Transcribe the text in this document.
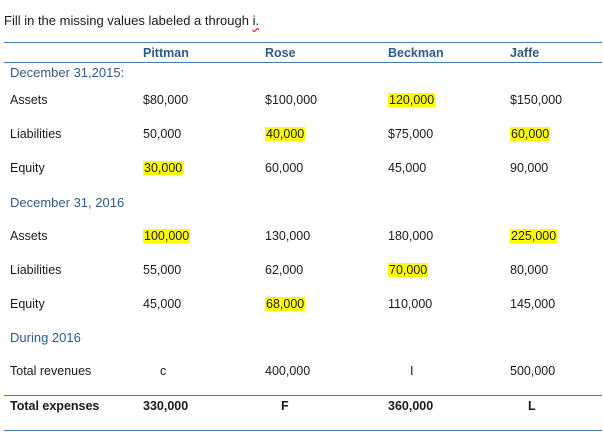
Fill in the missing values labeled a through i.
Pittman	Rose	Beckman	Jaffe
December 31,2015:
Assets	$80,000	$100,000	120,000	$150,000
Liabilities	50,000	40,000	$75,000	60,000
Equity	30,000	60,000	45,000	90,000
December 31, 2016
Assets	100,000	130,000	180,000	225,000
Liabilities	55,000	62,000	70,000	80,000
Equity	45,000	68,000	110,000	145,000
During 2016
Total revenues	c	400,000	I	500,000
Total expenses	330,000	F	360,000	L
